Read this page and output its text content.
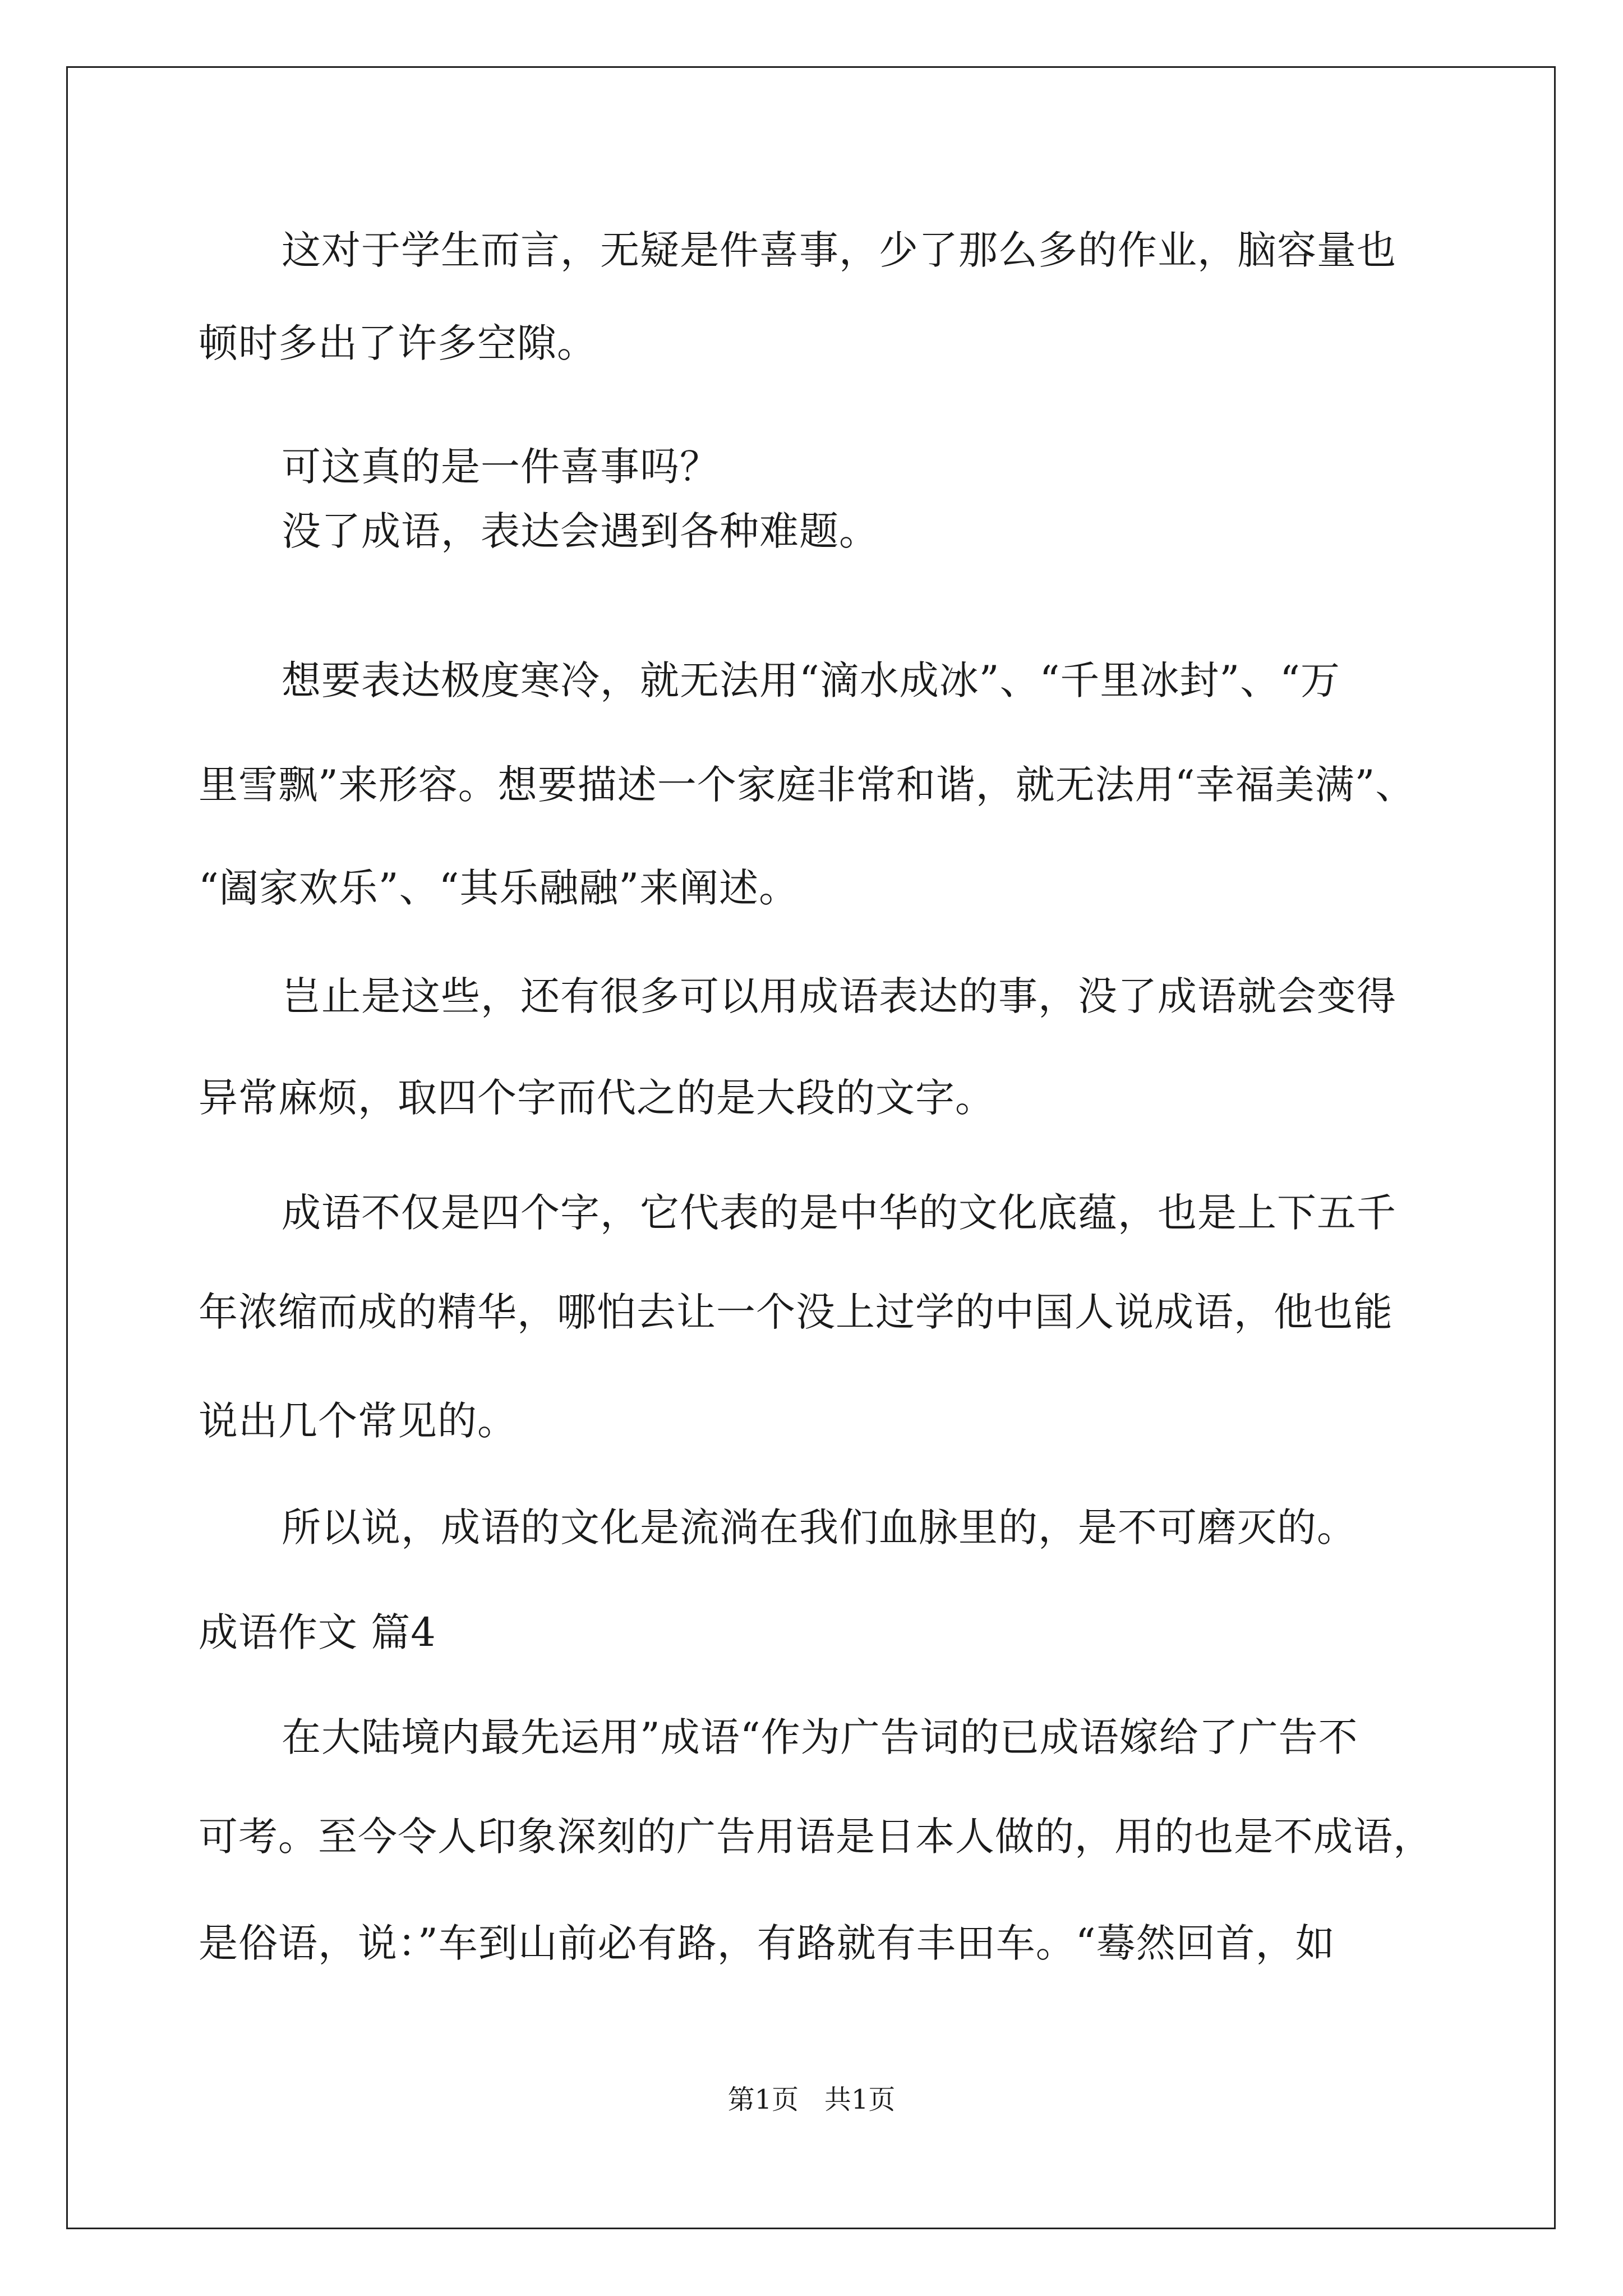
这对于学生而言，无疑是件喜事，少了那么多的作业，脑容量也
顿时多出了许多空隙。
可这真的是一件喜事吗？
没了成语，表达会遇到各种难题。
想要表达极度寒冷，就无法用“滴水成冰”、“千里冰封”、“万
里雪飘”来形容。想要描述一个家庭非常和谐，就无法用“幸福美满”、
“阖家欢乐”、“其乐融融”来阐述。
岂止是这些，还有很多可以用成语表达的事，没了成语就会变得
异常麻烦，取四个字而代之的是大段的文字。
成语不仅是四个字，它代表的是中华的文化底蕴，也是上下五千
年浓缩而成的精华，哪怕去让一个没上过学的中国人说成语，他也能
说出几个常见的。
所以说，成语的文化是流淌在我们血脉里的，是不可磨灭的。
成语作文 篇4
在大陆境内最先运用”成语“作为广告词的已成语嫁给了广告不
可考。至今令人印象深刻的广告用语是日本人做的，用的也是不成语，
是俗语，说：”车到山前必有路，有路就有丰田车。“蓦然回首，如
第1页   共1页
